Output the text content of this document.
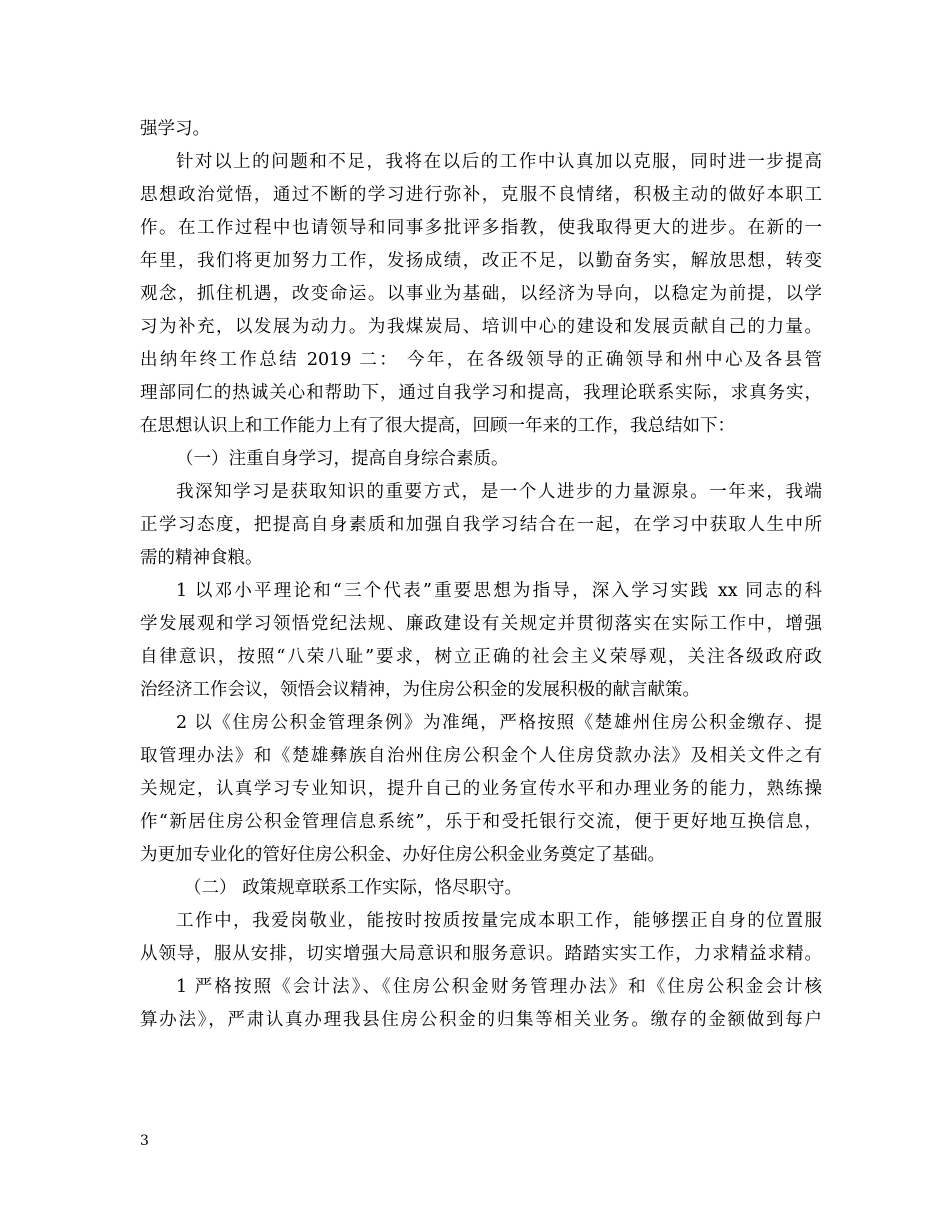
强学习。
针对以上的问题和不足，我将在以后的工作中认真加以克服，同时进一步提高
思想政治觉悟，通过不断的学习进行弥补，克服不良情绪，积极主动的做好本职工
作。在工作过程中也请领导和同事多批评多指教，使我取得更大的进步。在新的一
年里，我们将更加努力工作，发扬成绩，改正不足，以勤奋务实，解放思想，转变
观念，抓住机遇，改变命运。以事业为基础，以经济为导向，以稳定为前提，以学
习为补充，以发展为动力。为我煤炭局、培训中心的建设和发展贡献自己的力量。
出纳年终工作总结 2019 二： 今年，在各级领导的正确领导和州中心及各县管
理部同仁的热诚关心和帮助下，通过自我学习和提高，我理论联系实际，求真务实，
在思想认识上和工作能力上有了很大提高，回顾一年来的工作，我总结如下：
（一）注重自身学习，提高自身综合素质。
我深知学习是获取知识的重要方式，是一个人进步的力量源泉。一年来，我端
正学习态度，把提高自身素质和加强自我学习结合在一起，在学习中获取人生中所
需的精神食粮。
1 以邓小平理论和“三个代表”重要思想为指导，深入学习实践 xx 同志的科
学发展观和学习领悟党纪法规、廉政建设有关规定并贯彻落实在实际工作中，增强
自律意识，按照“八荣八耻”要求，树立正确的社会主义荣辱观，关注各级政府政
治经济工作会议，领悟会议精神，为住房公积金的发展积极的献言献策。
2 以《住房公积金管理条例》为准绳，严格按照《楚雄州住房公积金缴存、提
取管理办法》和《楚雄彝族自治州住房公积金个人住房贷款办法》及相关文件之有
关规定，认真学习专业知识，提升自己的业务宣传水平和办理业务的能力，熟练操
作“新居住房公积金管理信息系统”，乐于和受托银行交流，便于更好地互换信息，
为更加专业化的管好住房公积金、办好住房公积金业务奠定了基础。
（二） 政策规章联系工作实际，恪尽职守。
工作中，我爱岗敬业，能按时按质按量完成本职工作，能够摆正自身的位置服
从领导，服从安排，切实增强大局意识和服务意识。踏踏实实工作，力求精益求精。
1 严格按照《会计法》、《住房公积金财务管理办法》和《住房公积金会计核
算办法》，严肃认真办理我县住房公积金的归集等相关业务。缴存的金额做到每户
3
